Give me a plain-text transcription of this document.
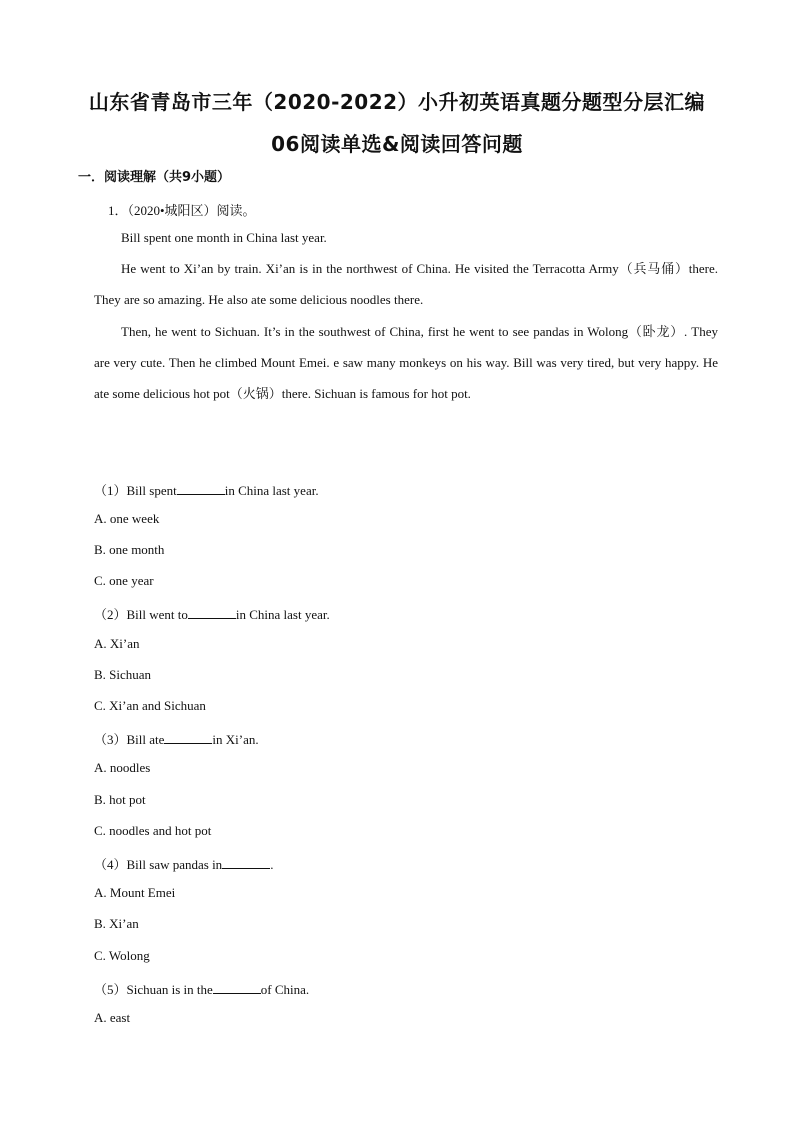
山东省青岛市三年（2020-2022）小升初英语真题分题型分层汇编
06阅读单选&阅读回答问题
一．阅读理解（共9小题）
1．（2020•城阳区）阅读。
Bill spent one month in China last year.
He went to Xi’an by train. Xi’an is in the northwest of China. He visited the Terracotta Army（兵马俑）there. They are so amazing. He also ate some delicious noodles there.
Then, he went to Sichuan. It’s in the southwest of China, first he went to see pandas in Wolong（卧龙）. They are very cute. Then he climbed Mount Emei. e saw many monkeys on his way. Bill was very tired, but very happy. He ate some delicious hot pot（火锅）there. Sichuan is famous for hot pot.
（1）Bill spent	in China last year.
A. one week
B. one month
C. one year
（2）Bill went to	in China last year.
A. Xi’an
B. Sichuan
C. Xi’an and Sichuan
（3）Bill ate	in Xi’an.
A. noodles
B. hot pot
C. noodles and hot pot
（4）Bill saw pandas in	.
A. Mount Emei
B. Xi’an
C. Wolong
（5）Sichuan is in the	of China.
A. east
